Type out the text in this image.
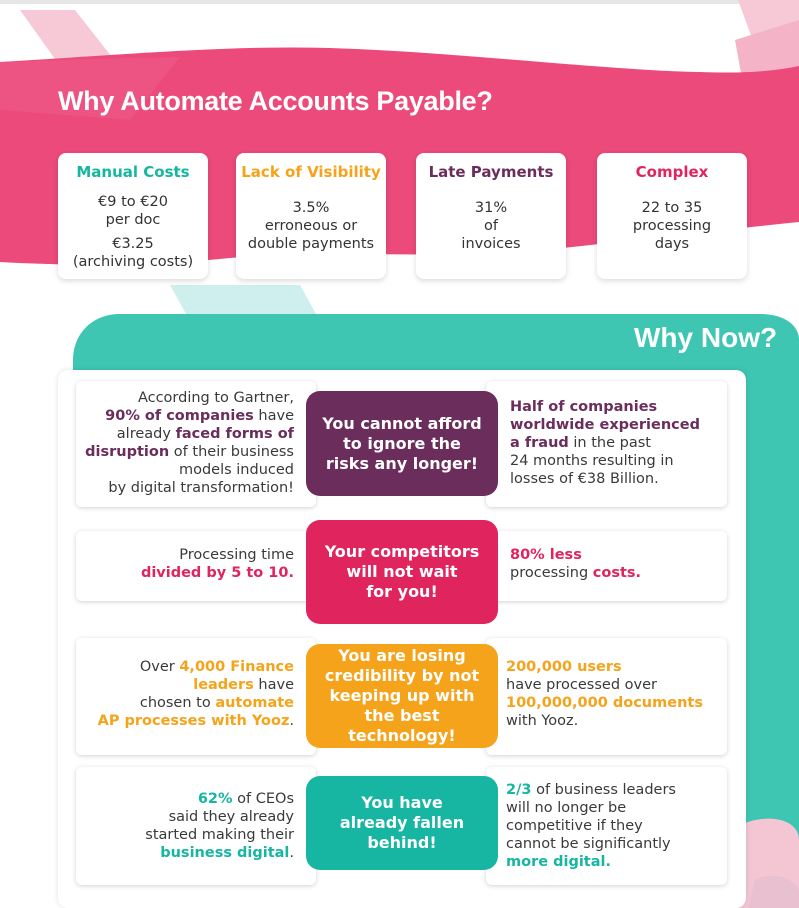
Why Automate Accounts Payable?
Manual Costs
€9 to €20
per doc
€3.25
(archiving costs)
Lack of Visibility
3.5%
erroneous or
double payments
Late Payments
31%
of
invoices
Complex
22 to 35
processing
days
Why Now?
According to Gartner,
90% of companies have
already faced forms of
disruption of their business
models induced
by digital transformation!
Half of companies
worldwide experienced
a fraud in the past
24 months resulting in
losses of €38 Billion.
You cannot afford
to ignore the
risks any longer!
Processing time
divided by 5 to 10.
80% less
processing costs.
Your competitors
will not wait
for you!
Over 4,000 Finance
leaders have
chosen to automate
AP processes with Yooz.
200,000 users
have processed over
100,000,000 documents
with Yooz.
You are losing
credibility by not
keeping up with
the best technology!
62% of CEOs
said they already
started making their
business digital.
2/3 of business leaders
will no longer be
competitive if they
cannot be significantly
more digital.
You have
already fallen
behind!
